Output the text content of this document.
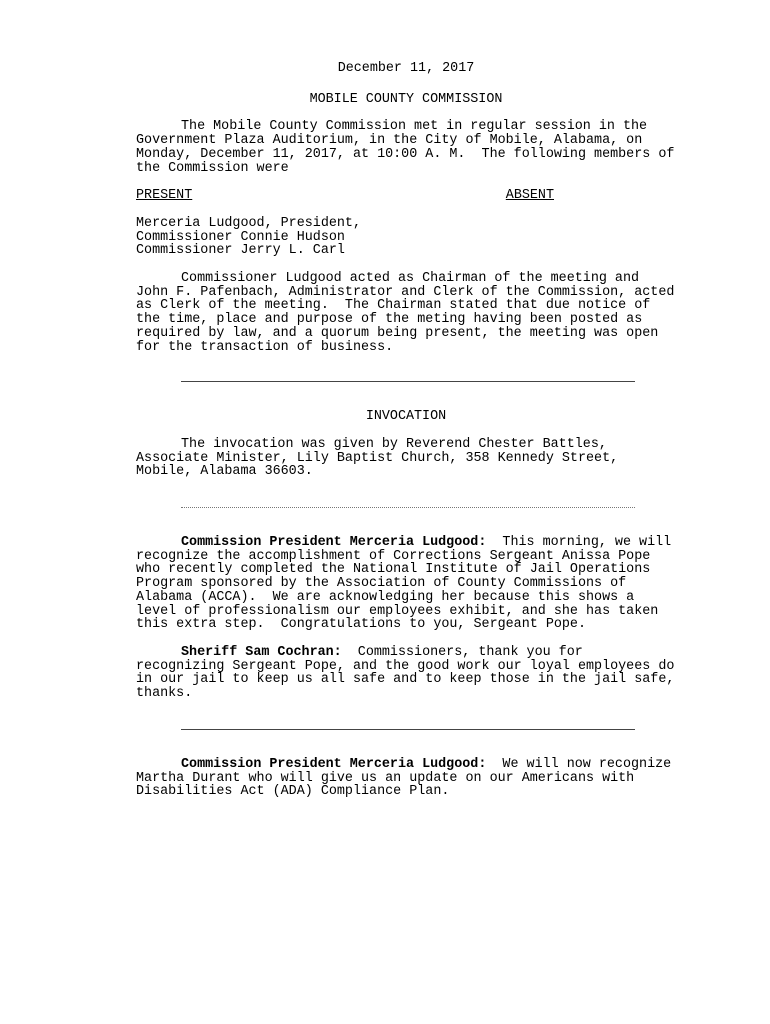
December 11, 2017

MOBILE COUNTY COMMISSION

The Mobile County Commission met in regular session in the Government Plaza Auditorium, in the City of Mobile, Alabama, on Monday, December 11, 2017, at 10:00 A. M.  The following members of the Commission were

PRESENT	ABSENT

Merceria Ludgood, President,

Commissioner Connie Hudson

Commissioner Jerry L. Carl

Commissioner Ludgood acted as Chairman of the meeting and John F. Pafenbach, Administrator and Clerk of the Commission, acted as Clerk of the meeting.  The Chairman stated that due notice of the time, place and purpose of the meting having been posted as required by law, and a quorum being present, the meeting was open for the transaction of business.

INVOCATION

The invocation was given by Reverend Chester Battles, Associate Minister, Lily Baptist Church, 358 Kennedy Street, Mobile, Alabama 36603.

Commission President Merceria Ludgood:  This morning, we will recognize the accomplishment of Corrections Sergeant Anissa Pope who recently completed the National Institute of Jail Operations Program sponsored by the Association of County Commissions of Alabama (ACCA).  We are acknowledging her because this shows a level of professionalism our employees exhibit, and she has taken this extra step.  Congratulations to you, Sergeant Pope.

Sheriff Sam Cochran:  Commissioners, thank you for recognizing Sergeant Pope, and the good work our loyal employees do in our jail to keep us all safe and to keep those in the jail safe, thanks.

Commission President Merceria Ludgood:  We will now recognize Martha Durant who will give us an update on our Americans with Disabilities Act (ADA) Compliance Plan.
